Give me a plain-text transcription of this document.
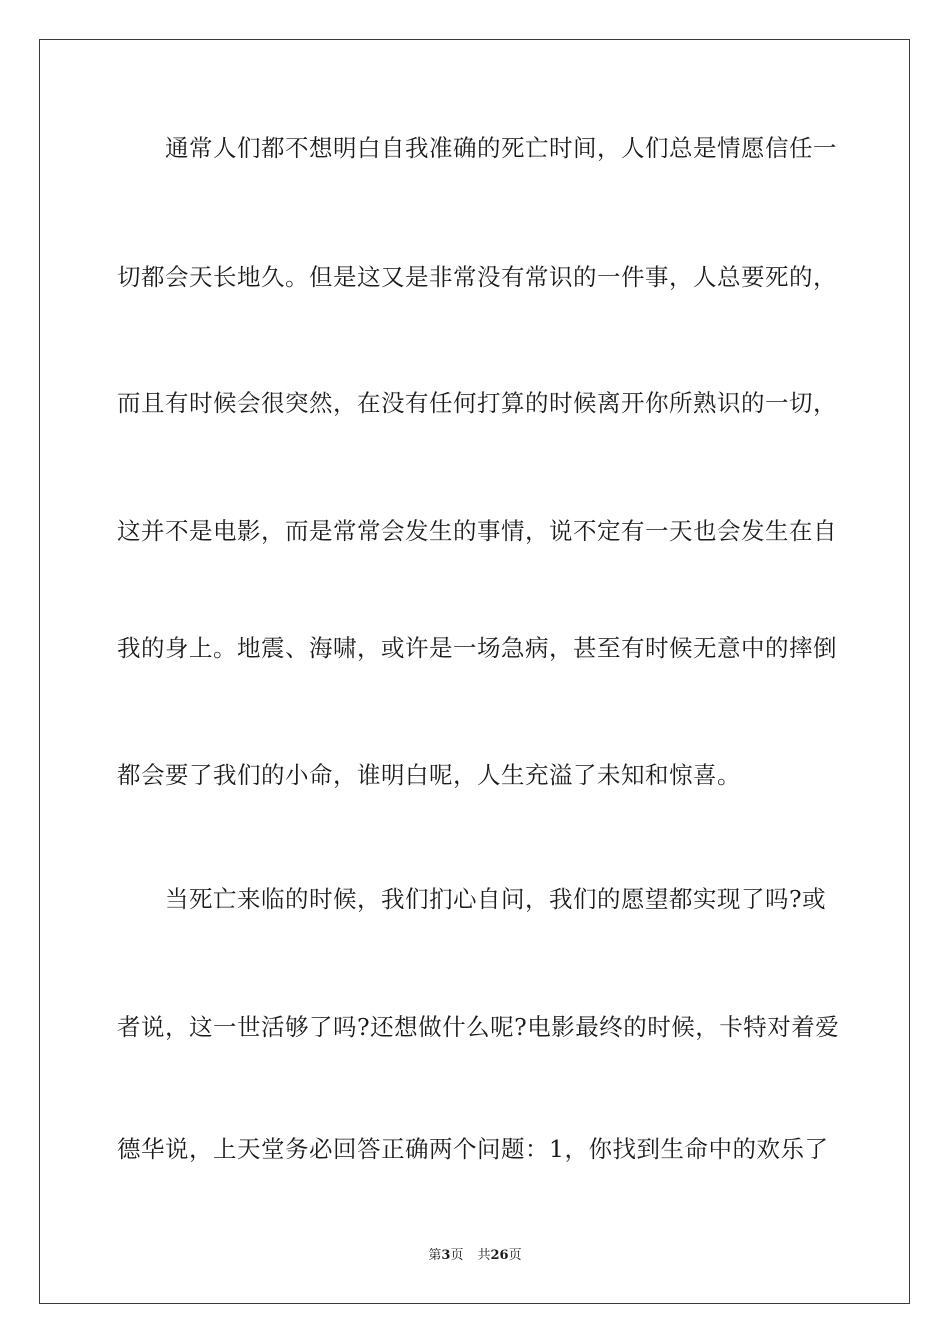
通常人们都不想明白自我准确的死亡时间，人们总是情愿信任一
切都会天长地久。但是这又是非常没有常识的一件事，人总要死的，
而且有时候会很突然，在没有任何打算的时候离开你所熟识的一切，
这并不是电影，而是常常会发生的事情，说不定有一天也会发生在自
我的身上。地震、海啸，或许是一场急病，甚至有时候无意中的摔倒
都会要了我们的小命，谁明白呢，人生充溢了未知和惊喜。
当死亡来临的时候，我们扪心自问，我们的愿望都实现了吗?或
者说，这一世活够了吗?还想做什么呢?电影最终的时候，卡特对着爱
德华说，上天堂务必回答正确两个问题：1，你找到生命中的欢乐了
第3页 共26页
